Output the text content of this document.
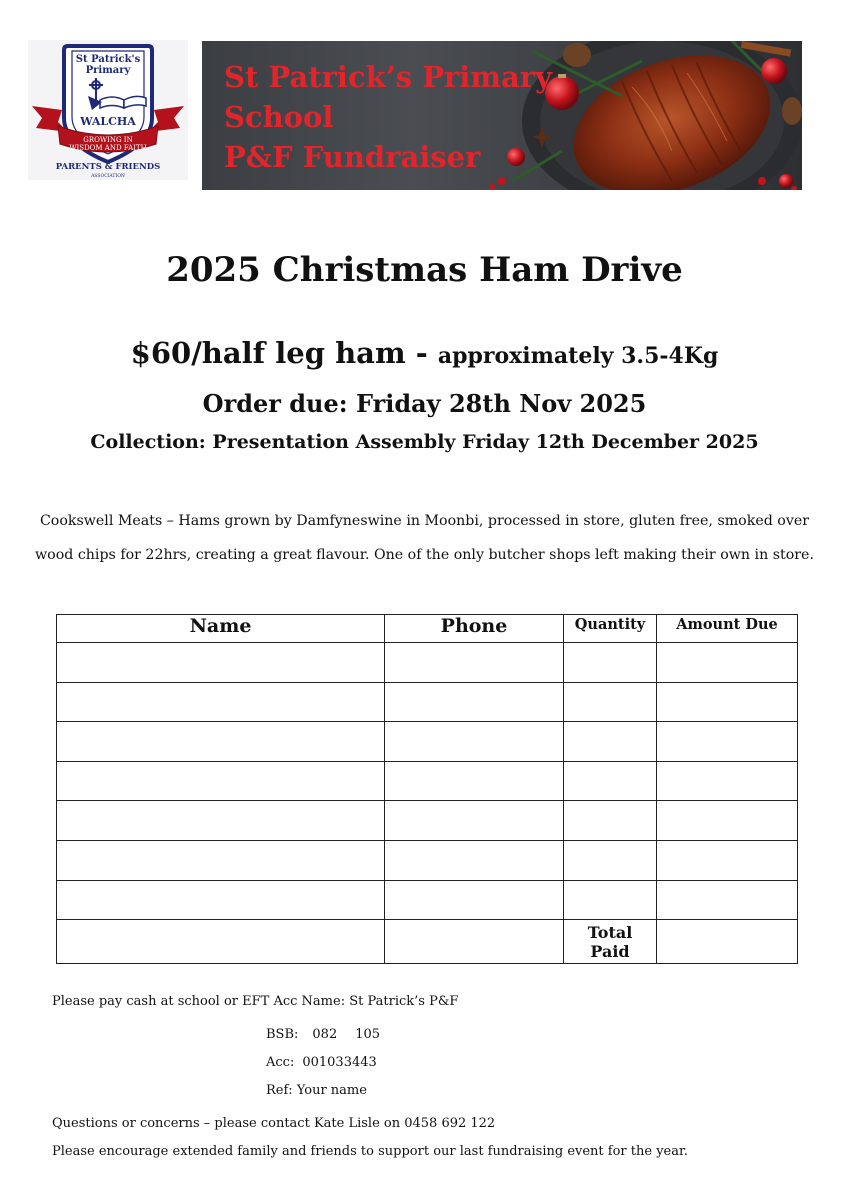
St Patrick's
Primary
WALCHA
GROWING IN
WISDOM AND FAITH
PARENTS & FRIENDS
ASSOCIATION
St Patrick’s Primary
School
P&F Fundraiser
2025 Christmas Ham Drive

$60/half leg ham - approximately 3.5-4Kg

Order due: Friday 28th Nov 2025

Collection: Presentation Assembly Friday 12th December 2025

Cookswell Meats – Hams grown by Damfyneswine in Moonbi, processed in store, gluten free, smoked over wood chips for 22hrs, creating a great flavour. One of the only butcher shops left making their own in store.

Name	Phone	Quantity	Amount Due

		Total
Paid	

Please pay cash at school or EFT Acc Name: St Patrick’s P&F

BSB: 082 105

Acc: 001033443

Ref: Your name

Questions or concerns – please contact Kate Lisle on 0458 692 122

Please encourage extended family and friends to support our last fundraising event for the year.
